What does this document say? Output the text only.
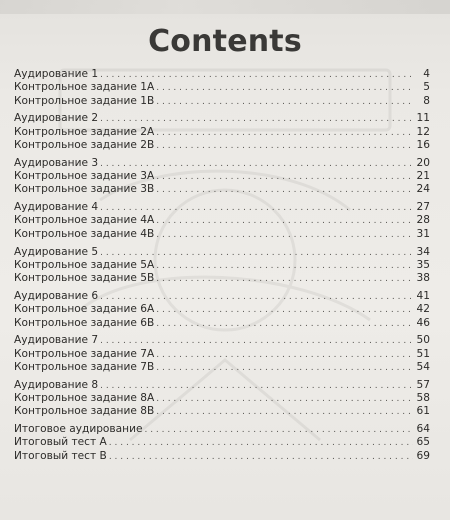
Contents
Аудирование 1 . . .	4
Контрольное задание 1А . . .	5
Контрольное задание 1В . . .	8
Аудирование 2 . . .	11
Контрольное задание 2А . . .	12
Контрольное задание 2В . . .	16
Аудирование 3 . . .	20
Контрольное задание 3А . . .	21
Контрольное задание 3В . . .	24
Аудирование 4 . . .	27
Контрольное задание 4А . . .	28
Контрольное задание 4В . . .	31
Аудирование 5 . . .	34
Контрольное задание 5А . . .	35
Контрольное задание 5В . . .	38
Аудирование 6 . . .	41
Контрольное задание 6А . . .	42
Контрольное задание 6В . . .	46
Аудирование 7 . . .	50
Контрольное задание 7А . . .	51
Контрольное задание 7В . . .	54
Аудирование 8 . . .	57
Контрольное задание 8А . . .	58
Контрольное задание 8В . . .	61
Итоговое аудирование . . .	64
Итоговый тест А . . .	65
Итоговый тест В . . .	69
